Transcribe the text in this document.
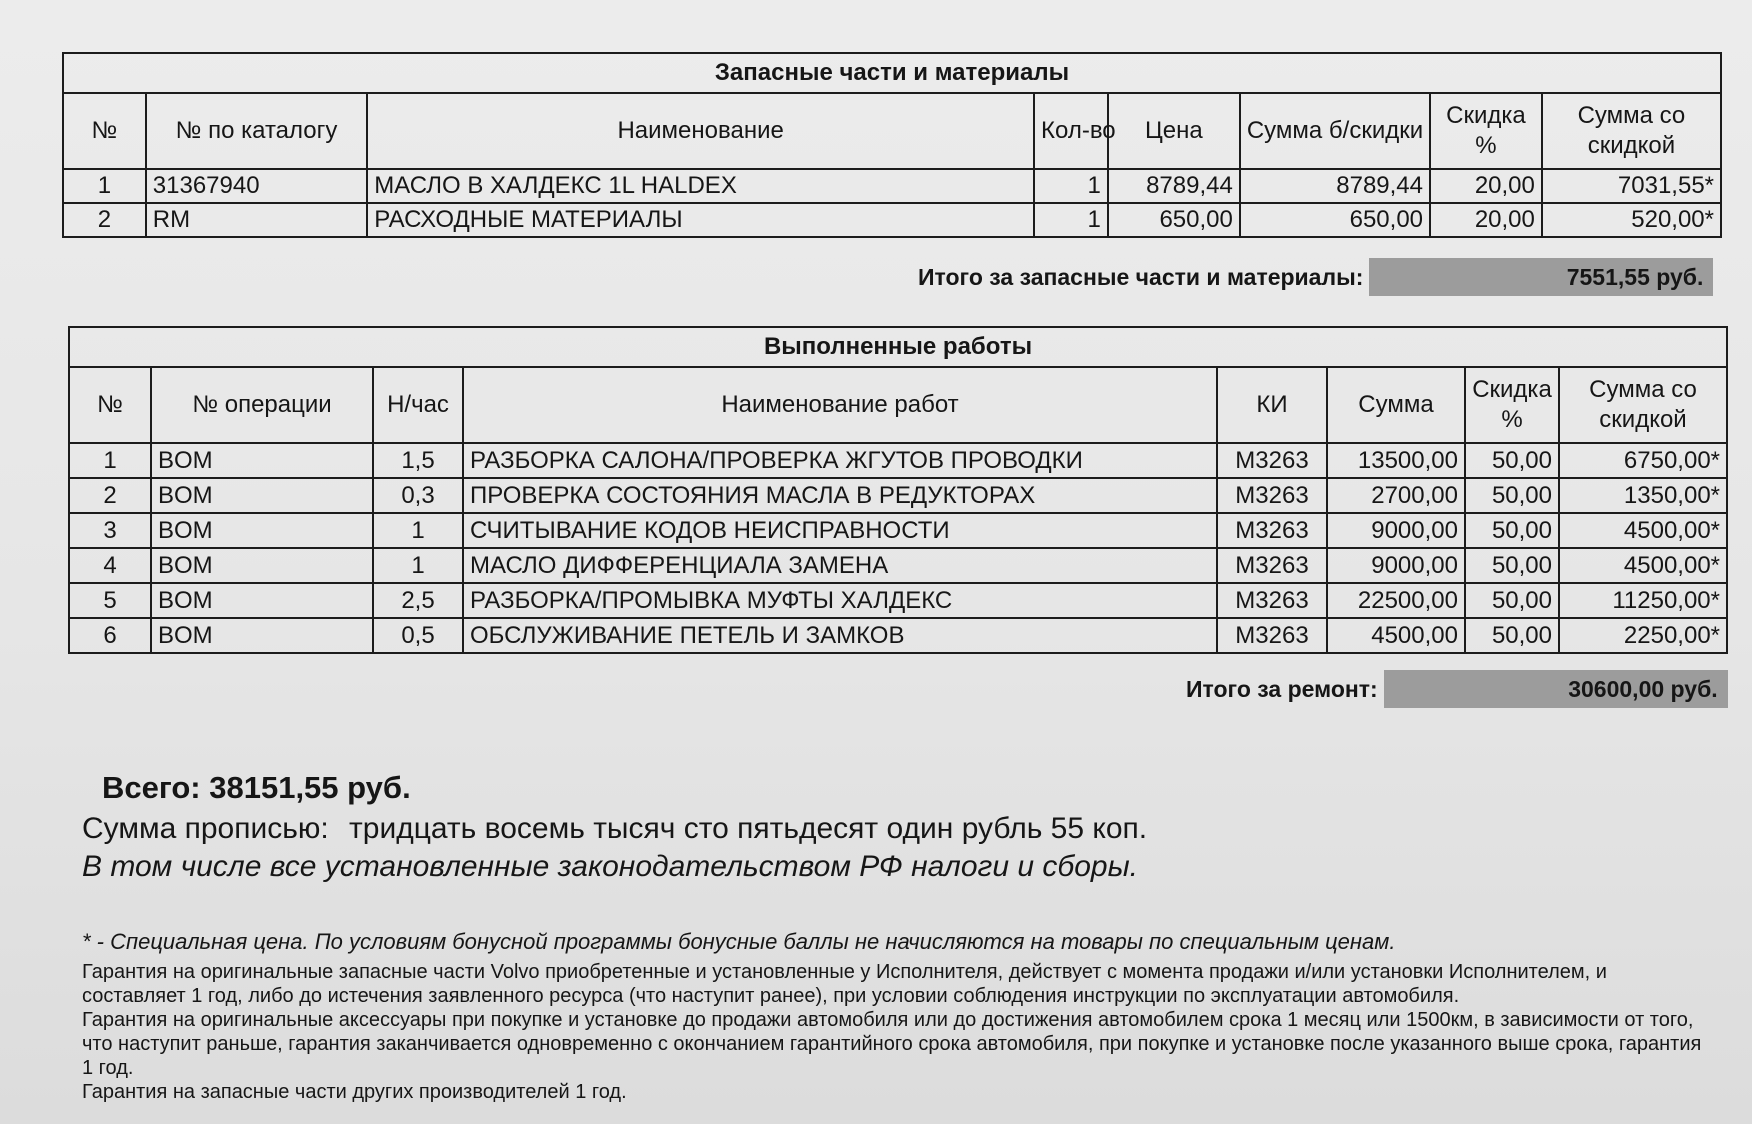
Запасные части и материалы							
№	№ по каталогу	Наименование	Кол-во	Цена	Сумма б/скидки	Скидка %	Сумма со скидкой
1	31367940	МАСЛО В ХАЛДЕКС 1L HALDEX	1	8789,44	8789,44	20,00	7031,55*
2	RM	РАСХОДНЫЕ МАТЕРИАЛЫ	1	650,00	650,00	20,00	520,00*
Итого за запасные части и материалы:	7551,55 руб.
Выполненные работы							
№	№ операции	Н/час	Наименование работ	КИ	Сумма	Скидка %	Сумма со скидкой
1	BOM	1,5	РАЗБОРКА САЛОНА/ПРОВЕРКА ЖГУТОВ ПРОВОДКИ	M3263	13500,00	50,00	6750,00*
2	BOM	0,3	ПРОВЕРКА СОСТОЯНИЯ МАСЛА В РЕДУКТОРАХ	M3263	2700,00	50,00	1350,00*
3	BOM	1	СЧИТЫВАНИЕ КОДОВ НЕИСПРАВНОСТИ	M3263	9000,00	50,00	4500,00*
4	BOM	1	МАСЛО ДИФФЕРЕНЦИАЛА ЗАМЕНА	M3263	9000,00	50,00	4500,00*
5	BOM	2,5	РАЗБОРКА/ПРОМЫВКА МУФТЫ ХАЛДЕКС	M3263	22500,00	50,00	11250,00*
6	BOM	0,5	ОБСЛУЖИВАНИЕ ПЕТЕЛЬ И ЗАМКОВ	M3263	4500,00	50,00	2250,00*
Итого за ремонт:	30600,00 руб.
Всего: 38151,55 руб.
Сумма прописью: тридцать восемь тысяч сто пятьдесят один рубль 55 коп.
В том числе все установленные законодательством РФ налоги и сборы.

* - Специальная цена. По условиям бонусной программы бонусные баллы не начисляются на товары по специальным ценам.

Гарантия на оригинальные запасные части Volvo приобретенные и установленные у Исполнителя, действует с момента продажи и/или установки Исполнителем, и составляет 1 год, либо до истечения заявленного ресурса (что наступит ранее), при условии соблюдения инструкции по эксплуатации автомобиля.

Гарантия на оригинальные аксессуары при покупке и установке до продажи автомобиля или до достижения автомобилем срока 1 месяц или 1500км, в зависимости от того, что наступит раньше, гарантия заканчивается одновременно с окончанием гарантийного срока автомобиля, при покупке и установке после указанного выше срока, гарантия 1 год.

Гарантия на запасные части других производителей 1 год.
